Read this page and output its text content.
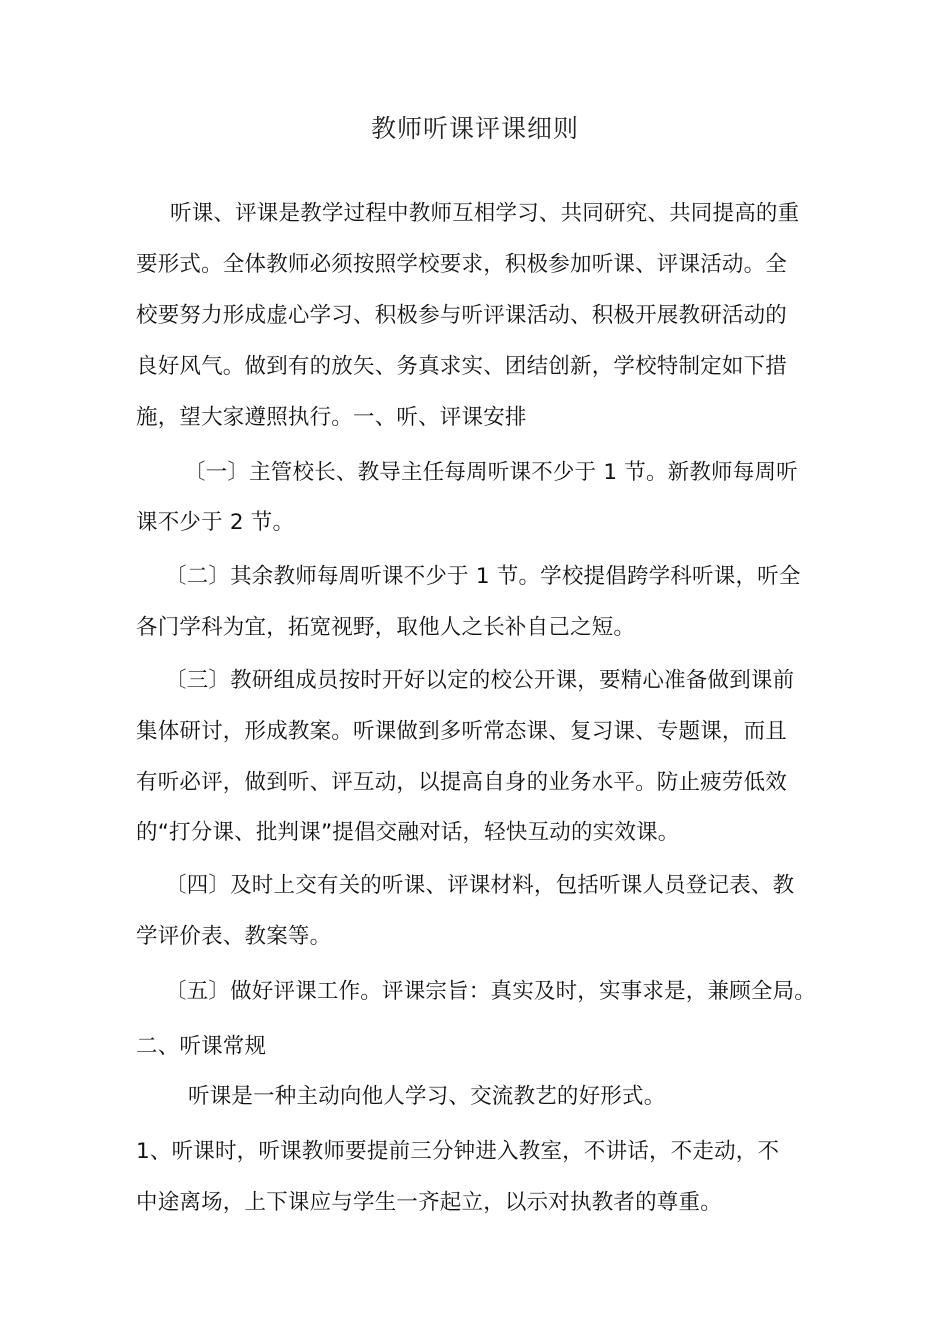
教师听课评课细则
听课、评课是教学过程中教师互相学习、共同研究、共同提高的重
要形式。全体教师必须按照学校要求，积极参加听课、评课活动。全
校要努力形成虚心学习、积极参与听评课活动、积极开展教研活动的
良好风气。做到有的放矢、务真求实、团结创新，学校特制定如下措
施，望大家遵照执行。一、听、评课安排
〔一〕主管校长、教导主任每周听课不少于 1 节。新教师每周听
课不少于 2 节。
〔二〕其余教师每周听课不少于 1 节。学校提倡跨学科听课，听全
各门学科为宜，拓宽视野，取他人之长补自己之短。
〔三〕教研组成员按时开好以定的校公开课，要精心准备做到课前
集体研讨，形成教案。听课做到多听常态课、复习课、专题课，而且
有听必评，做到听、评互动，以提高自身的业务水平。防止疲劳低效
的“打分课、批判课”提倡交融对话，轻快互动的实效课。
〔四〕及时上交有关的听课、评课材料，包括听课人员登记表、教
学评价表、教案等。
〔五〕做好评课工作。评课宗旨：真实及时，实事求是，兼顾全局。
二、听课常规
听课是一种主动向他人学习、交流教艺的好形式。
1、听课时，听课教师要提前三分钟进入教室，不讲话，不走动，不
中途离场，上下课应与学生一齐起立，以示对执教者的尊重。
